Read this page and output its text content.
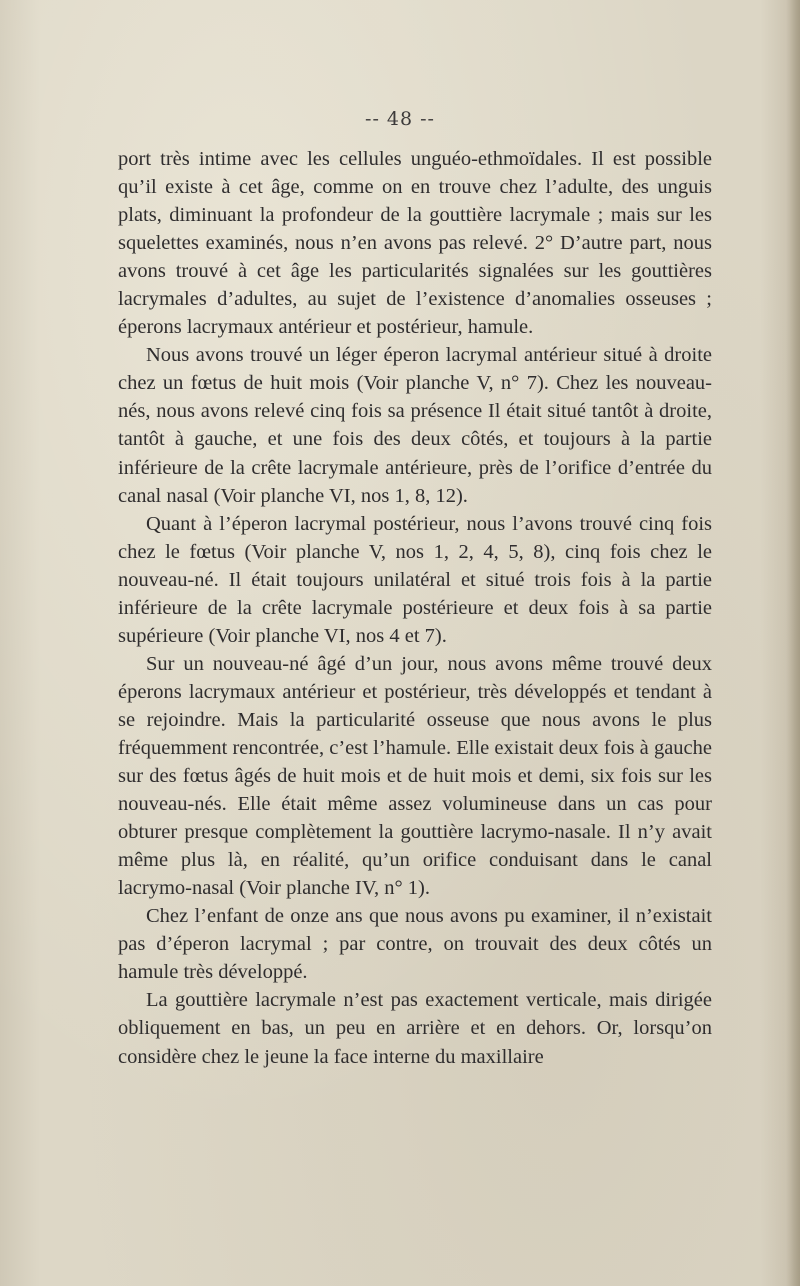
-- 48 --

port très intime avec les cellules unguéo-ethmoïdales. Il est possible qu’il existe à cet âge, comme on en trouve chez l’adulte, des unguis plats, diminuant la profondeur de la gouttière lacrymale ; mais sur les squelettes examinés, nous n’en avons pas relevé. 2° D’autre part, nous avons trouvé à cet âge les particularités signalées sur les gouttières lacrymales d’adultes, au sujet de l’existence d’anomalies osseuses ; éperons lacrymaux antérieur et postérieur, hamule.

Nous avons trouvé un léger éperon lacrymal antérieur situé à droite chez un fœtus de huit mois (Voir planche V, n° 7). Chez les nouveau-nés, nous avons relevé cinq fois sa présence Il était situé tantôt à droite, tantôt à gauche, et une fois des deux côtés, et toujours à la partie inférieure de la crête lacrymale antérieure, près de l’orifice d’entrée du canal nasal (Voir planche VI, nos 1, 8, 12).

Quant à l’éperon lacrymal postérieur, nous l’avons trouvé cinq fois chez le fœtus (Voir planche V, nos 1, 2, 4, 5, 8), cinq fois chez le nouveau-né. Il était toujours unilatéral et situé trois fois à la partie inférieure de la crête lacrymale postérieure et deux fois à sa partie supérieure (Voir planche VI, nos 4 et 7).

Sur un nouveau-né âgé d’un jour, nous avons même trouvé deux éperons lacrymaux antérieur et postérieur, très développés et tendant à se rejoindre. Mais la particularité osseuse que nous avons le plus fréquemment rencontrée, c’est l’hamule. Elle existait deux fois à gauche sur des fœtus âgés de huit mois et de huit mois et demi, six fois sur les nouveau-nés. Elle était même assez volumineuse dans un cas pour obturer presque complètement la gouttière lacrymo-nasale. Il n’y avait même plus là, en réalité, qu’un orifice conduisant dans le canal lacrymo-nasal (Voir planche IV, n° 1).

Chez l’enfant de onze ans que nous avons pu examiner, il n’existait pas d’éperon lacrymal ; par contre, on trouvait des deux côtés un hamule très développé.

La gouttière lacrymale n’est pas exactement verticale, mais dirigée obliquement en bas, un peu en arrière et en dehors. Or, lorsqu’on considère chez le jeune la face interne du maxillaire
